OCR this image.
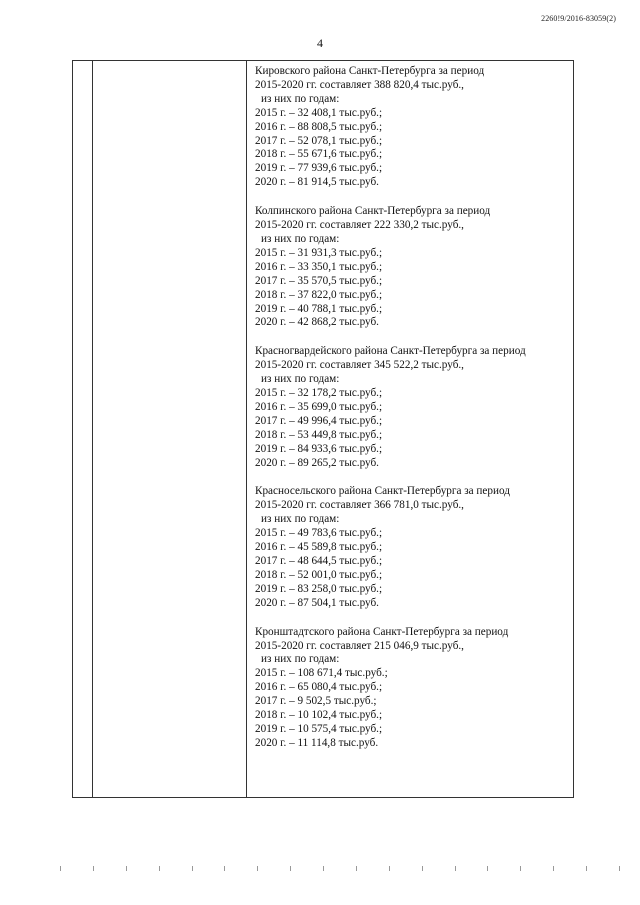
2260!9/2016-83059(2)
4
Кировского района Санкт-Петербурга за период
2015-2020 гг. составляет 388 820,4 тыс.руб.,
из них по годам:
2015 г. – 32 408,1 тыс.руб.;
2016 г. – 88 808,5 тыс.руб.;
2017 г. – 52 078,1 тыс.руб.;
2018 г. – 55 671,6 тыс.руб.;
2019 г. – 77 939,6 тыс.руб.;
2020 г. – 81 914,5 тыс.руб.
Колпинского района Санкт-Петербурга за период
2015-2020 гг. составляет 222 330,2 тыс.руб.,
из них по годам:
2015 г. – 31 931,3 тыс.руб.;
2016 г. – 33 350,1 тыс.руб.;
2017 г. – 35 570,5 тыс.руб.;
2018 г. – 37 822,0 тыс.руб.;
2019 г. – 40 788,1 тыс.руб.;
2020 г. – 42 868,2 тыс.руб.
Красногвардейского района Санкт-Петербурга за период
2015-2020 гг. составляет 345 522,2 тыс.руб.,
из них по годам:
2015 г. – 32 178,2 тыс.руб.;
2016 г. – 35 699,0 тыс.руб.;
2017 г. – 49 996,4 тыс.руб.;
2018 г. – 53 449,8 тыс.руб.;
2019 г. – 84 933,6 тыс.руб.;
2020 г. – 89 265,2 тыс.руб.
Красносельского района Санкт-Петербурга за период
2015-2020 гг. составляет 366 781,0 тыс.руб.,
из них по годам:
2015 г. – 49 783,6 тыс.руб.;
2016 г. – 45 589,8 тыс.руб.;
2017 г. – 48 644,5 тыс.руб.;
2018 г. – 52 001,0 тыс.руб.;
2019 г. – 83 258,0 тыс.руб.;
2020 г. – 87 504,1 тыс.руб.
Кронштадтского района Санкт-Петербурга за период
2015-2020 гг. составляет 215 046,9 тыс.руб.,
из них по годам:
2015 г. – 108 671,4 тыс.руб.;
2016 г. – 65 080,4 тыс.руб.;
2017 г. – 9 502,5 тыс.руб.;
2018 г. – 10 102,4 тыс.руб.;
2019 г. – 10 575,4 тыс.руб.;
2020 г. – 11 114,8 тыс.руб.
